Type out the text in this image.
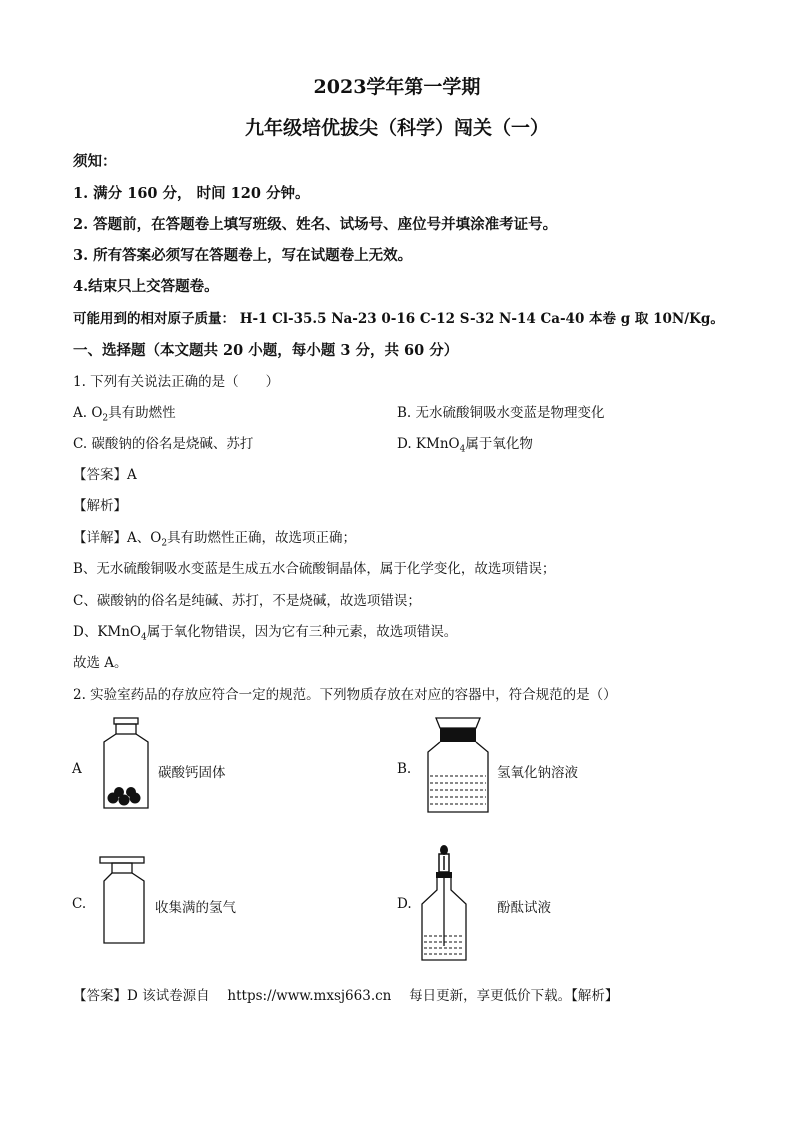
2023学年第一学期
九年级培优拔尖（科学）闯关（一）
须知：
1. 满分 160 分， 时间 120 分钟。
2. 答题前，在答题卷上填写班级、姓名、试场号、座位号并填涂准考证号。
3. 所有答案必须写在答题卷上，写在试题卷上无效。
4.结束只上交答题卷。
可能用到的相对原子质量： H-1 Cl-35.5 Na-23 0-16 C-12 S-32 N-14 Ca-40 本卷 g 取 10N/Kg。
一、选择题（本文题共 20 小题，每小题 3 分，共 60 分）
1. 下列有关说法正确的是（　　）
A. $O_2$具有助燃性	B. 无水硫酸铜吸水变蓝是物理变化
C. 碳酸钠的俗名是烧碱、苏打	D. KMnO$_4$属于氧化物
【答案】A
【解析】
【详解】A、$O_2$具有助燃性正确，故选项正确；
B、无水硫酸铜吸水变蓝是生成五水合硫酸铜晶体，属于化学变化，故选项错误；
C、碳酸钠的俗名是纯碱、苏打，不是烧碱，故选项错误；
D、KMnO$_4$属于氧化物错误，因为它有三种元素，故选项错误。
故选 A。
2. 实验室药品的存放应符合一定的规范。下列物质存放在对应的容器中，符合规范的是（）
A	碳酸钙固体	B.	氢氧化钠溶液
C.	收集满的氢气	D.	酚酞试液
【答案】D 该试卷源自　 https://www.mxsj663.cn　 每日更新，享更低价下载。【解析】
